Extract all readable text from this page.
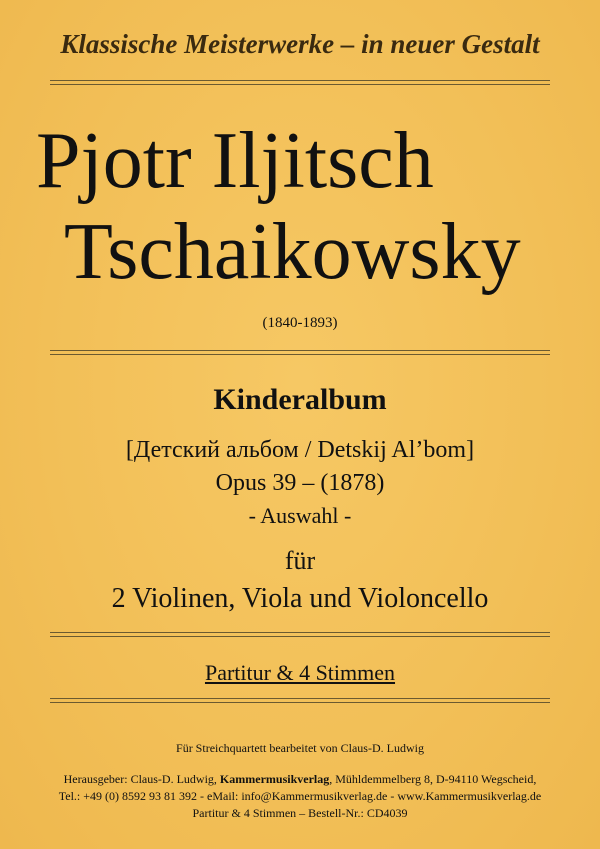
Klassische Meisterwerke – in neuer Gestalt
Pjotr Iljitsch
Tschaikowsky
(1840-1893)
Kinderalbum
[Детский альбом / Detskij Al’bom]
Opus 39 – (1878)
- Auswahl -
für
2 Violinen, Viola und Violoncello
Partitur & 4 Stimmen
Für Streichquartett bearbeitet von Claus-D. Ludwig
Herausgeber: Claus-D. Ludwig, Kammermusikverlag, Mühldemmelberg 8, D-94110 Wegscheid,
Tel.: +49 (0) 8592 93 81 392 - eMail: info@Kammermusikverlag.de - www.Kammermusikverlag.de
Partitur & 4 Stimmen – Bestell-Nr.: CD4039
